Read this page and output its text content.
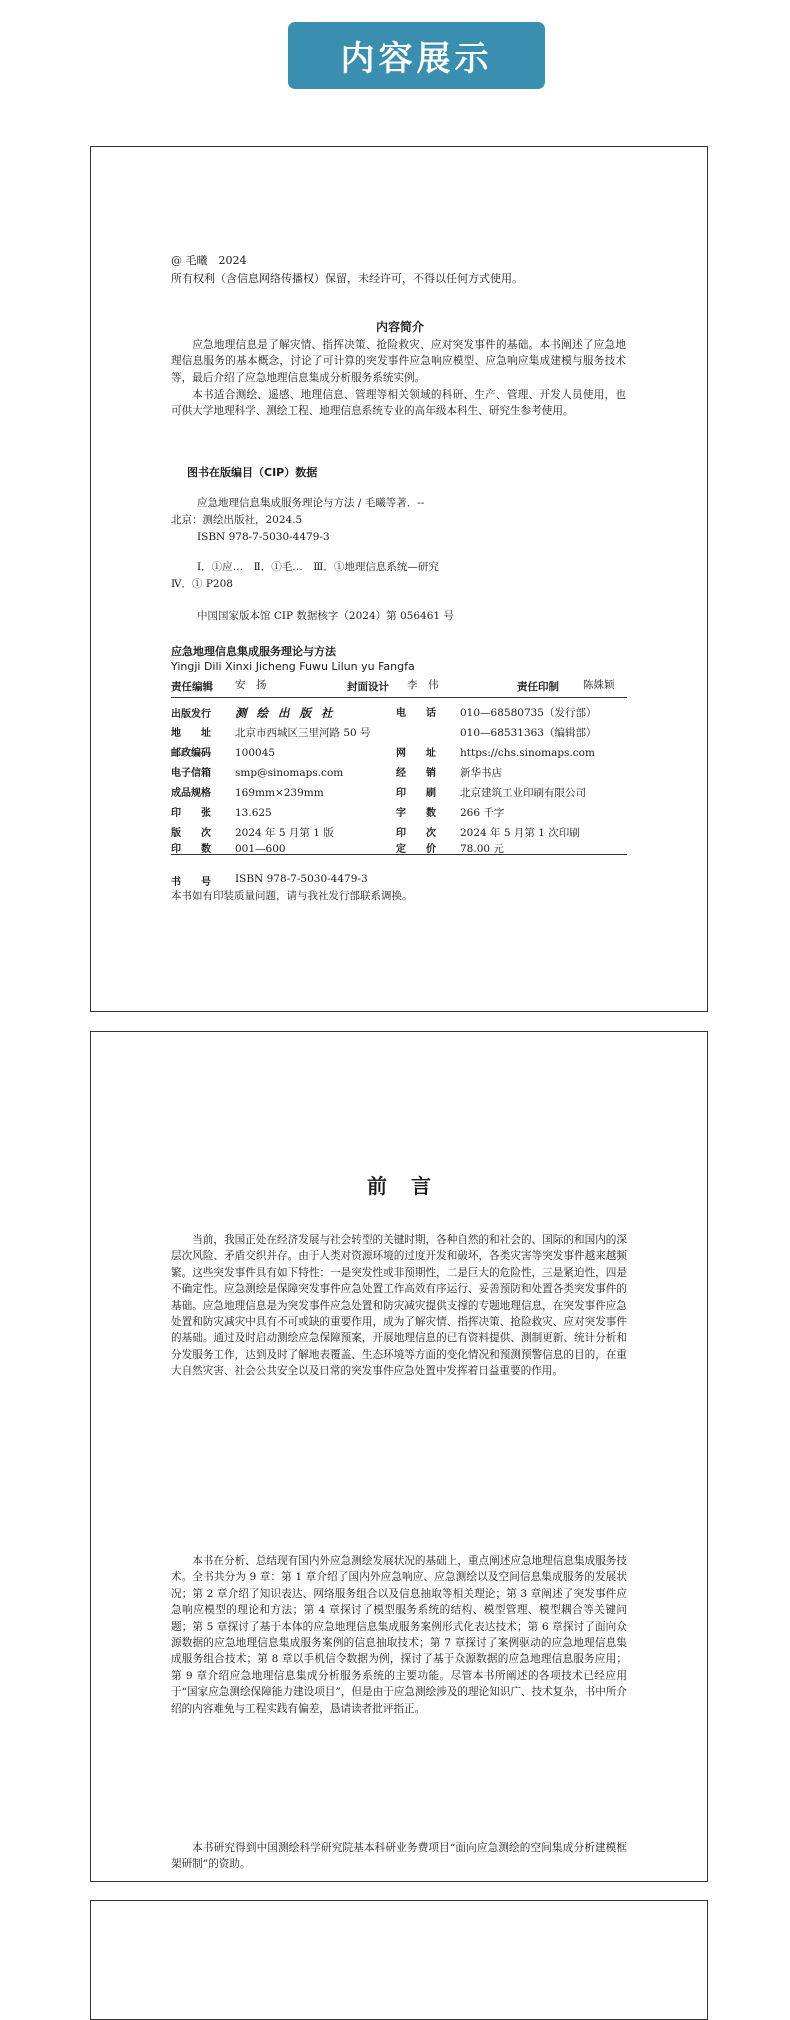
内容展示
@ 毛曦　2024
所有权利（含信息网络传播权）保留，未经许可，不得以任何方式使用。
内容简介
应急地理信息是了解灾情、指挥决策、抢险救灾、应对突发事件的基础。本书阐述了应急地理信息服务的基本概念，讨论了可计算的突发事件应急响应模型、应急响应集成建模与服务技术等，最后介绍了应急地理信息集成分析服务系统实例。
本书适合测绘、遥感、地理信息、管理等相关领域的科研、生产、管理、开发人员使用，也可供大学地理科学、测绘工程、地理信息系统专业的高年级本科生、研究生参考使用。
图书在版编目（CIP）数据
应急地理信息集成服务理论与方法 / 毛曦等著．--
北京：测绘出版社，2024.5
ISBN 978-7-5030-4479-3
Ⅰ．①应…　Ⅱ．①毛…　Ⅲ．①地理信息系统—研究
Ⅳ．① P208
中国国家版本馆 CIP 数据核字（2024）第 056461 号
应急地理信息集成服务理论与方法
Yingji Dili Xinxi Jicheng Fuwu Lilun yu Fangfa
责任编辑 安　扬	封面设计 李　伟	责任印制 陈姝颖
书　　号 ISBN 978-7-5030-4479-3
本书如有印装质量问题，请与我社发行部联系调换。
出版发行 测 绘 出 版 社
地　　址 北京市西城区三里河路 50 号
邮政编码 100045
电子信箱 smp@sinomaps.com
成品规格 169mm×239mm
印　　张 13.625
版　　次 2024 年 5 月第 1 版
印　　数 001—600
电　　话 010—68580735（发行部）
010—68531363（编辑部）
网　　址 https://chs.sinomaps.com
经　　销 新华书店
印　　刷 北京建筑工业印刷有限公司
字　　数 266 千字
印　　次 2024 年 5 月第 1 次印刷
定　　价 78.00 元
前　言
当前，我国正处在经济发展与社会转型的关键时期，各种自然的和社会的、国际的和国内的深层次风险、矛盾交织并存。由于人类对资源环境的过度开发和破坏，各类灾害等突发事件越来越频繁。这些突发事件具有如下特性：一是突发性或非预期性，二是巨大的危险性，三是紧迫性，四是不确定性。应急测绘是保障突发事件应急处置工作高效有序运行、妥善预防和处置各类突发事件的基础。应急地理信息是为突发事件应急处置和防灾减灾提供支撑的专题地理信息，在突发事件应急处置和防灾减灾中具有不可或缺的重要作用，成为了解灾情、指挥决策、抢险救灾、应对突发事件的基础。通过及时启动测绘应急保障预案，开展地理信息的已有资料提供、测制更新、统计分析和分发服务工作，达到及时了解地表覆盖、生态环境等方面的变化情况和预测预警信息的目的，在重大自然灾害、社会公共安全以及日常的突发事件应急处置中发挥着日益重要的作用。
本书在分析、总结现有国内外应急测绘发展状况的基础上，重点阐述应急地理信息集成服务技术。全书共分为 9 章：第 1 章介绍了国内外应急响应、应急测绘以及空间信息集成服务的发展状况；第 2 章介绍了知识表达、网络服务组合以及信息抽取等相关理论；第 3 章阐述了突发事件应急响应模型的理论和方法；第 4 章探讨了模型服务系统的结构、模型管理、模型耦合等关键问题；第 5 章探讨了基于本体的应急地理信息集成服务案例形式化表达技术；第 6 章探讨了面向众源数据的应急地理信息集成服务案例的信息抽取技术；第 7 章探讨了案例驱动的应急地理信息集成服务组合技术；第 8 章以手机信令数据为例，探讨了基于众源数据的应急地理信息服务应用；第 9 章介绍应急地理信息集成分析服务系统的主要功能。尽管本书所阐述的各项技术已经应用于“国家应急测绘保障能力建设项目”，但是由于应急测绘涉及的理论知识广、技术复杂，书中所介绍的内容难免与工程实践有偏差，恳请读者批评指正。
本书研究得到中国测绘科学研究院基本科研业务费项目“面向应急测绘的空间集成分析建模框架研制”的资助。
